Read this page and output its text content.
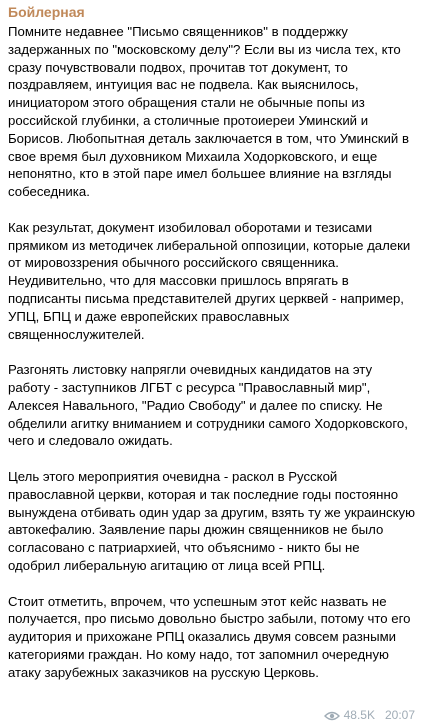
Бойлерная

Помните недавнее "Письмо священников" в поддержку задержанных по "московскому делу"? Если вы из числа тех, кто сразу почувствовали подвох, прочитав тот документ, то поздравляем, интуиция вас не подвела. Как выяснилось, инициатором этого обращения стали не обычные попы из российской глубинки, а столичные протоиереи Уминский и Борисов. Любопытная деталь заключается в том, что Уминский в свое время был духовником Михаила Ходорковского, и еще непонятно, кто в этой паре имел большее влияние на взгляды собеседника.

Как результат, документ изобиловал оборотами и тезисами прямиком из методичек либеральной оппозиции, которые далеки от мировоззрения обычного российского священника. Неудивительно, что для массовки пришлось впрягать в подписанты письма представителей других церквей - например, УПЦ, БПЦ и даже европейских православных священнослужителей.

Разгонять листовку напрягли очевидных кандидатов на эту работу - заступников ЛГБТ с ресурса "Православный мир", Алексея Навального, "Радио Свободу" и далее по списку. Не обделили агитку вниманием и сотрудники самого Ходорковского, чего и следовало ожидать.

Цель этого мероприятия очевидна - раскол в Русской православной церкви, которая и так последние годы постоянно вынуждена отбивать один удар за другим, взять ту же украинскую автокефалию. Заявление пары дюжин священников не было согласовано с патриархией, что объяснимо - никто бы не одобрил либеральную агитацию от лица всей РПЦ.

Стоит отметить, впрочем, что успешным этот кейс назвать не получается, про письмо довольно быстро забыли, потому что его аудитория и прихожане РПЦ оказались двумя совсем разными категориями граждан. Но кому надо, тот запомнил очередную атаку зарубежных заказчиков на русскую Церковь.

48.5K 20:07
